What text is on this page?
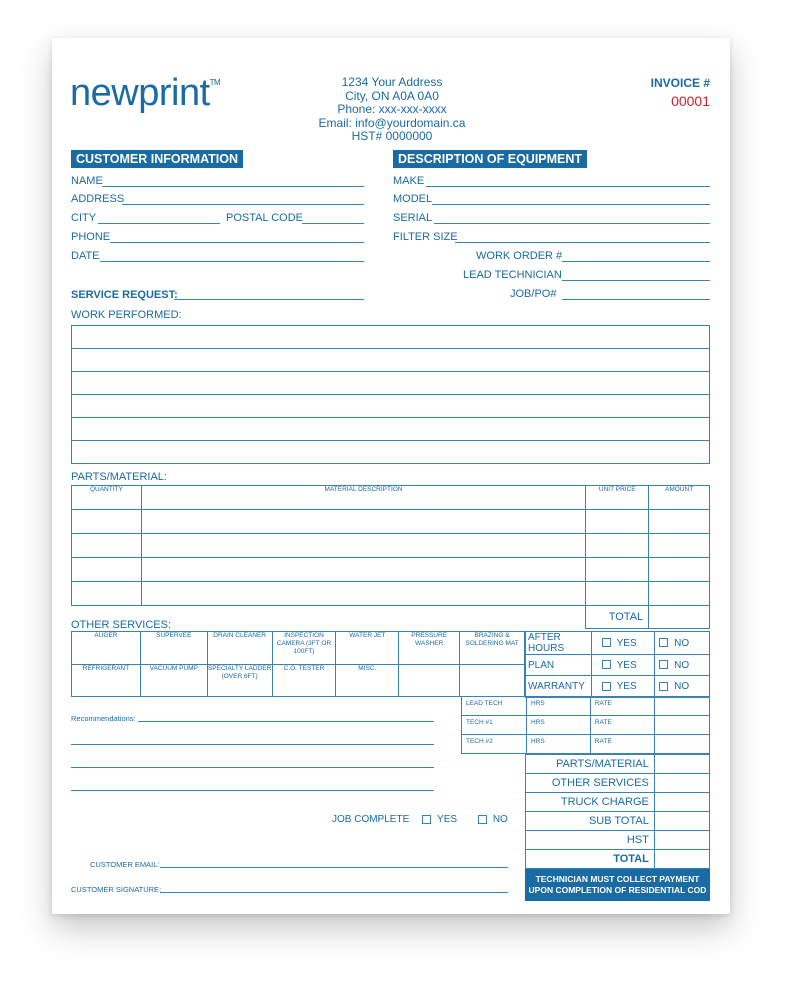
newprint™	1234 Your Address
City, ON A0A 0A0
Phone: xxx-xxx-xxxx
Email: info@yourdomain.ca
HST# 0000000
INVOICE #
00001
CUSTOMER INFORMATION
NAME
ADDRESS
CITY	POSTAL CODE
PHONE
DATE
SERVICE REQUEST:
DESCRIPTION OF EQUIPMENT
MAKE
MODEL
SERIAL
FILTER SIZE
WORK ORDER #
LEAD TECHNICIAN
JOB/PO#
WORK PERFORMED:

PARTS/MATERIAL:
QUANTITY	MATERIAL DESCRIPTION	UNIT PRICE	AMOUNT

		TOTAL	
OTHER SERVICES:
AUGER	SUPERVEE	DRAIN CLEANER	INSPECTION CAMERA (3FT OR 100FT)	WATER JET	PRESSURE WASHER	BRAZING & SOLDERING MAT
REFRIGERANT	VACUUM PUMP	SPECIALTY LADDER (OVER 6FT)	C.O. TESTER	MISC.		
AFTER HOURS	YES	NO
PLAN	YES	NO
WARRANTY	YES	NO
LEAD TECH	HRS	RATE	
TECH #1	HRS	RATE	
TECH #2	HRS	RATE	
PARTS/MATERIAL	
OTHER SERVICES	
TRUCK CHARGE	
SUB TOTAL	
HST	
TOTAL	
TECHNICIAN MUST COLLECT PAYMENT
UPON COMPLETION OF RESIDENTIAL COD
Recommendations:
JOB COMPLETE	YES	NO
CUSTOMER EMAIL:
CUSTOMER SIGNATURE:
